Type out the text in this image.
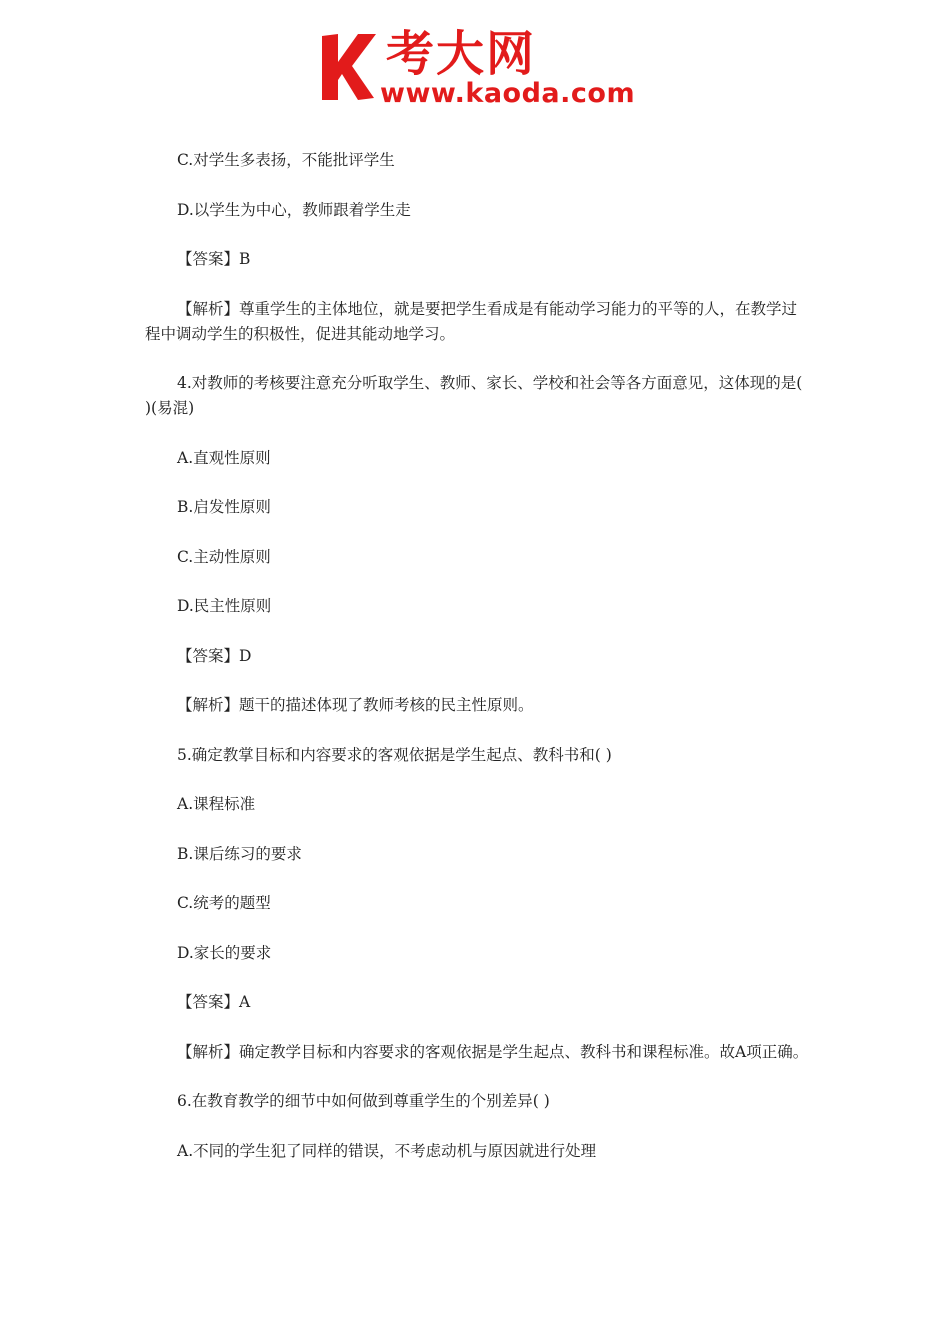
考大网
www.kaoda.com

C.对学生多表扬，不能批评学生

D.以学生为中心，教师跟着学生走

【答案】B

【解析】尊重学生的主体地位，就是要把学生看成是有能动学习能力的平等的人，在教学过程中调动学生的积极性，促进其能动地学习。

4.对教师的考核要注意充分听取学生、教师、家长、学校和社会等各方面意见，这体现的是( )(易混)

A.直观性原则

B.启发性原则

C.主动性原则

D.民主性原则

【答案】D

【解析】题干的描述体现了教师考核的民主性原则。

5.确定教掌目标和内容要求的客观依据是学生起点、教科书和( )

A.课程标准

B.课后练习的要求

C.统考的题型

D.家长的要求

【答案】A

【解析】确定教学目标和内容要求的客观依据是学生起点、教科书和课程标准。故A项正确。

6.在教育教学的细节中如何做到尊重学生的个别差异( )

A.不同的学生犯了同样的错误，不考虑动机与原因就进行处理
